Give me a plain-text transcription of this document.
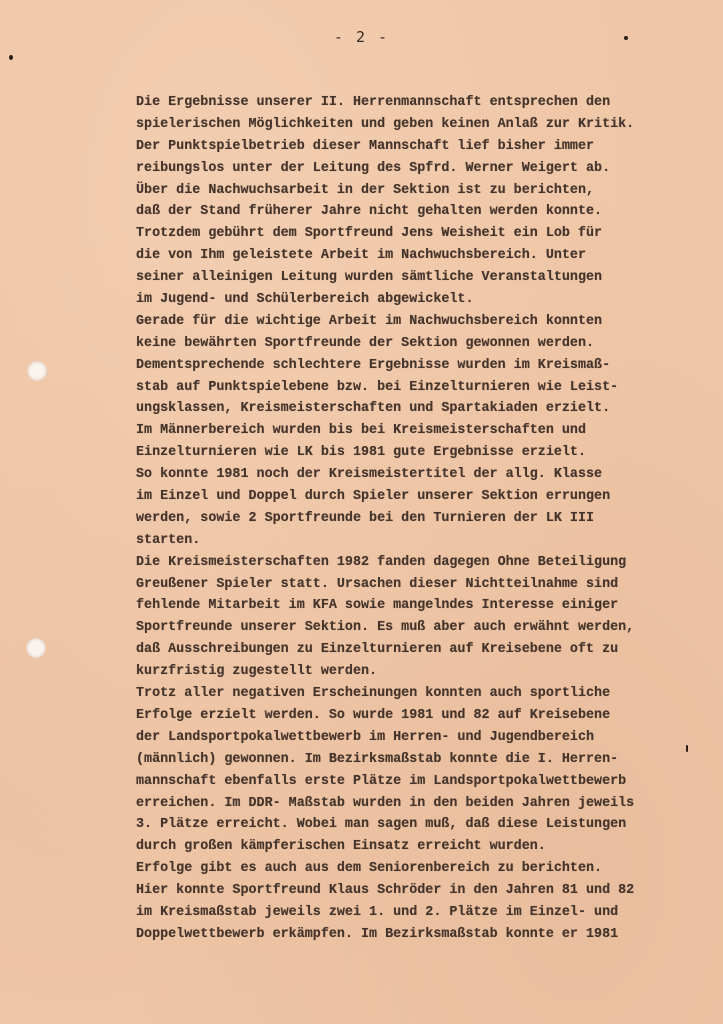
- 2 -
Die Ergebnisse unserer II. Herrenmannschaft entsprechen den
spielerischen Möglichkeiten und geben keinen Anlaß zur Kritik.
Der Punktspielbetrieb dieser Mannschaft lief bisher immer
reibungslos unter der Leitung des Spfrd. Werner Weigert ab.
Über die Nachwuchsarbeit in der Sektion ist zu berichten,
daß der Stand früherer Jahre nicht gehalten werden konnte.
Trotzdem gebührt dem Sportfreund Jens Weisheit ein Lob für
die von Ihm geleistete Arbeit im Nachwuchsbereich. Unter
seiner alleinigen Leitung wurden sämtliche Veranstaltungen
im Jugend- und Schülerbereich abgewickelt.
Gerade für die wichtige Arbeit im Nachwuchsbereich konnten
keine bewährten Sportfreunde der Sektion gewonnen werden.
Dementsprechende schlechtere Ergebnisse wurden im Kreismaß-
stab auf Punktspielebene bzw. bei Einzelturnieren wie Leist-
ungsklassen, Kreismeisterschaften und Spartakiaden erzielt.
Im Männerbereich wurden bis bei Kreismeisterschaften und
Einzelturnieren wie LK bis 1981 gute Ergebnisse erzielt.
So konnte 1981 noch der Kreismeistertitel der allg. Klasse
im Einzel und Doppel durch Spieler unserer Sektion errungen
werden, sowie 2 Sportfreunde bei den Turnieren der LK III
starten.
Die Kreismeisterschaften 1982 fanden dagegen Ohne Beteiligung
Greußener Spieler statt. Ursachen dieser Nichtteilnahme sind
fehlende Mitarbeit im KFA sowie mangelndes Interesse einiger
Sportfreunde unserer Sektion. Es muß aber auch erwähnt werden,
daß Ausschreibungen zu Einzelturnieren auf Kreisebene oft zu
kurzfristig zugestellt werden.
Trotz aller negativen Erscheinungen konnten auch sportliche
Erfolge erzielt werden. So wurde 1981 und 82 auf Kreisebene
der Landsportpokalwettbewerb im Herren- und Jugendbereich
(männlich) gewonnen. Im Bezirksmaßstab konnte die I. Herren-
mannschaft ebenfalls erste Plätze im Landsportpokalwettbewerb
erreichen. Im DDR- Maßstab wurden in den beiden Jahren jeweils
3. Plätze erreicht. Wobei man sagen muß, daß diese Leistungen
durch großen kämpferischen Einsatz erreicht wurden.
Erfolge gibt es auch aus dem Seniorenbereich zu berichten.
Hier konnte Sportfreund Klaus Schröder in den Jahren 81 und 82
im Kreismaßstab jeweils zwei 1. und 2. Plätze im Einzel- und
Doppelwettbewerb erkämpfen. Im Bezirksmaßstab konnte er 1981
